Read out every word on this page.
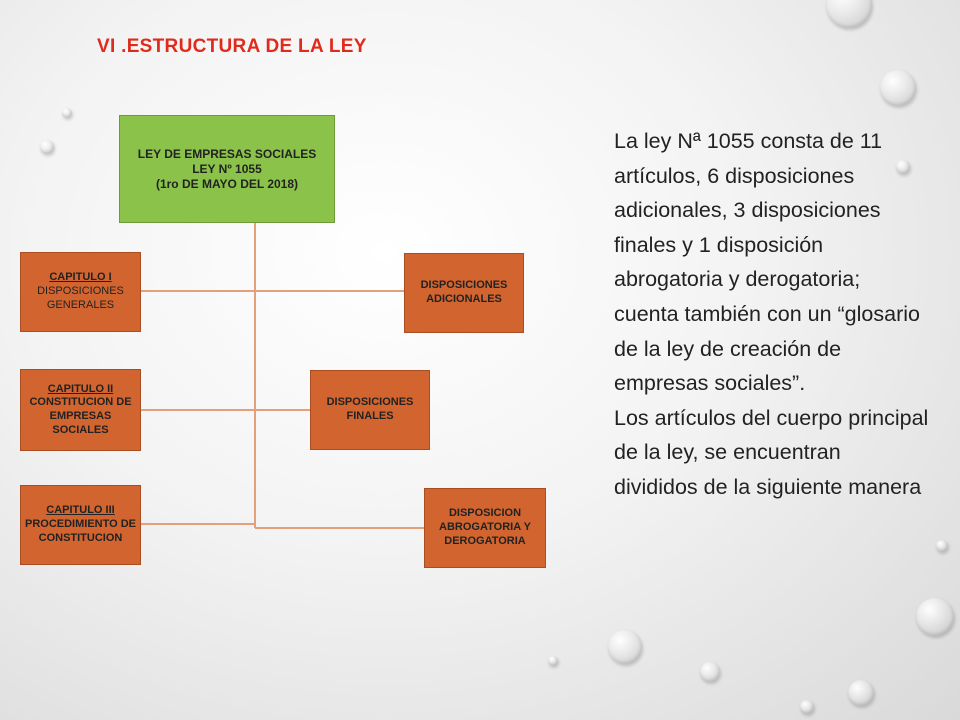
VI .ESTRUCTURA DE LA LEY
LEY DE EMPRESAS SOCIALES
LEY Nº 1055
(1ro DE MAYO DEL 2018)
CAPITULO I
DISPOSICIONES
GENERALES
CAPITULO II
CONSTITUCION DE
EMPRESAS SOCIALES
CAPITULO III
PROCEDIMIENTO DE
CONSTITUCION
DISPOSICIONES
ADICIONALES
DISPOSICIONES
FINALES
DISPOSICION
ABROGATORIA Y
DEROGATORIA

La ley Nª 1055 consta de 11
artículos, 6 disposiciones
adicionales, 3 disposiciones
finales y 1 disposición
abrogatoria y derogatoria;
cuenta también con un “glosario
de la ley de creación de
empresas sociales”.
Los artículos del cuerpo principal
de la ley, se encuentran
divididos de la siguiente manera
